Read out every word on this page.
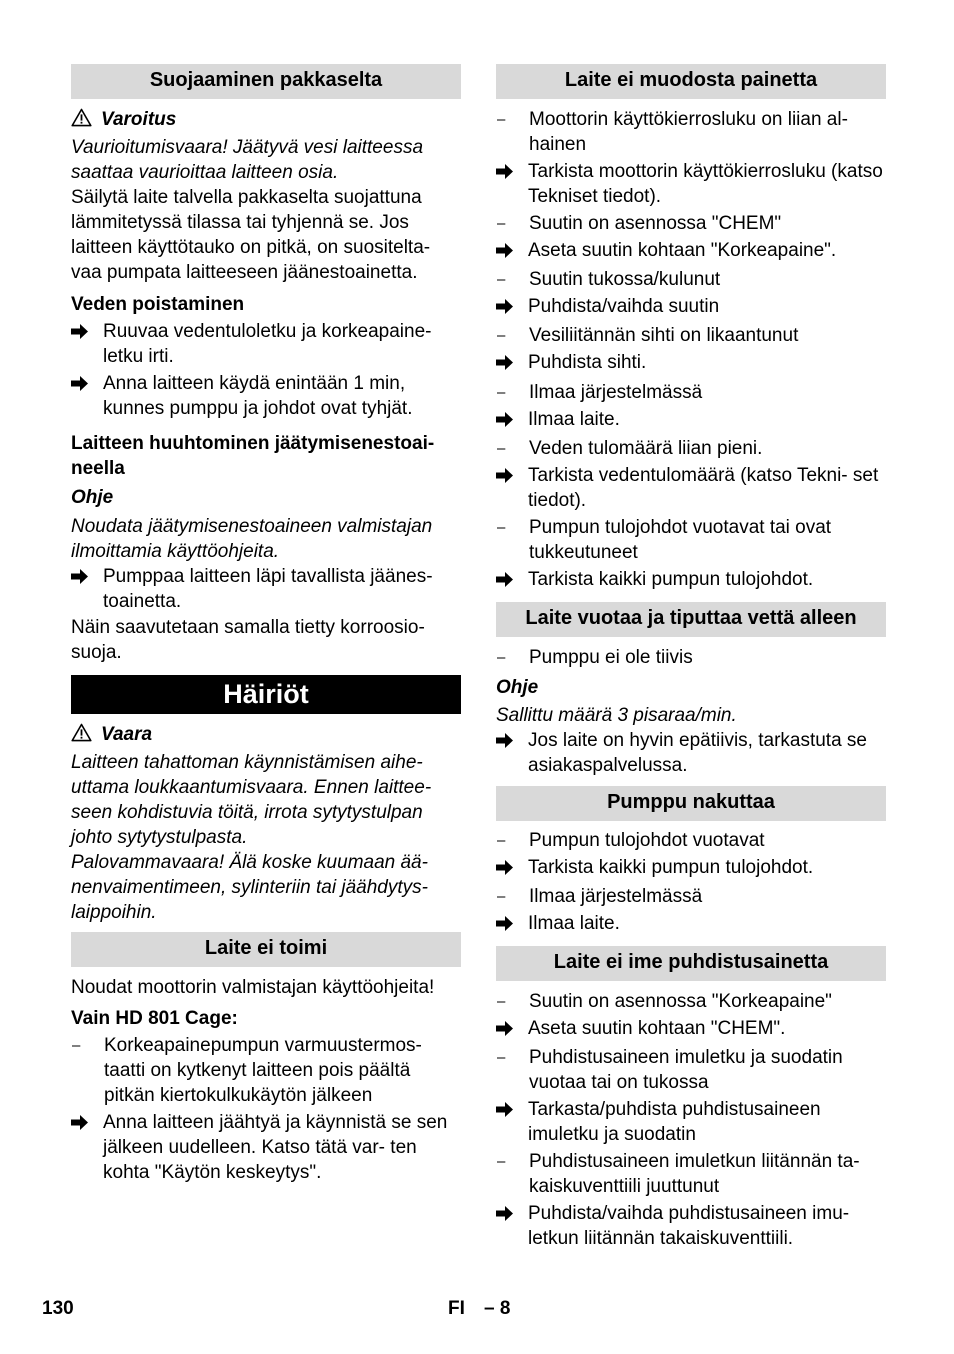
Suojaaminen pakkaselta
Varoitus
Vaurioitumisvaara! Jäätyvä vesi laitteessa saattaa vaurioittaa laitteen osia.
Säilytä laite talvella pakkaselta suojattuna lämmitetyssä tilassa tai tyhjennä se. Jos laitteen käyttötauko on pitkä, on suositelta- vaa pumpata laitteeseen jäänestoainetta.
Veden poistaminen
Ruuvaa vedentuloletku ja korkeapaine- letku irti.
Anna laitteen käydä enintään 1 min, kunnes pumppu ja johdot ovat tyhjät.
Laitteen huuhtominen jäätymisenestoai- neella
Ohje
Noudata jäätymisenestoaineen valmistajan ilmoittamia käyttöohjeita.
Pumppaa laitteen läpi tavallista jäänes- toainetta.
Näin saavutetaan samalla tietty korroosio- suoja.
Häiriöt
Vaara
Laitteen tahattoman käynnistämisen aihe- uttama loukkaantumisvaara. Ennen laittee- seen kohdistuvia töitä, irrota sytytystulpan johto sytytystulpasta.
Palovammavaara! Älä koske kuumaan ää- nenvaimentimeen, sylinteriin tai jäähdytys- laippoihin.
Laite ei toimi
Noudat moottorin valmistajan käyttöohjeita!
Vain HD 801 Cage:
–	Korkeapainepumpun varmuustermos- taatti on kytkenyt laitteen pois päältä pitkän kiertokulkukäytön jälkeen
Anna laitteen jäähtyä ja käynnistä se sen jälkeen uudelleen. Katso tätä var- ten kohta "Käytön keskeytys".
Laite ei muodosta painetta
–	Moottorin käyttökierrosluku on liian al- hainen
Tarkista moottorin käyttökierrosluku (katso Tekniset tiedot).
–	Suutin on asennossa "CHEM"
Aseta suutin kohtaan "Korkeapaine".
–	Suutin tukossa/kulunut
Puhdista/vaihda suutin
–	Vesiliitännän sihti on likaantunut
Puhdista sihti.
–	Ilmaa järjestelmässä
Ilmaa laite.
–	Veden tulomäärä liian pieni.
Tarkista vedentulomäärä (katso Tekni- set tiedot).
–	Pumpun tulojohdot vuotavat tai ovat tukkeutuneet
Tarkista kaikki pumpun tulojohdot.
Laite vuotaa ja tiputtaa vettä alleen
–	Pumppu ei ole tiivis
Ohje
Sallittu määrä 3 pisaraa/min.
Jos laite on hyvin epätiivis, tarkastuta se asiakaspalvelussa.
Pumppu nakuttaa
–	Pumpun tulojohdot vuotavat
Tarkista kaikki pumpun tulojohdot.
–	Ilmaa järjestelmässä
Ilmaa laite.
Laite ei ime puhdistusainetta
–	Suutin on asennossa "Korkeapaine"
Aseta suutin kohtaan "CHEM".
–	Puhdistusaineen imuletku ja suodatin vuotaa tai on tukossa
Tarkasta/puhdista puhdistusaineen imuletku ja suodatin
–	Puhdistusaineen imuletkun liitännän ta- kaiskuventtiili juuttunut
Puhdista/vaihda puhdistusaineen imu- letkun liitännän takaiskuventtiili.
130	FI – 8
